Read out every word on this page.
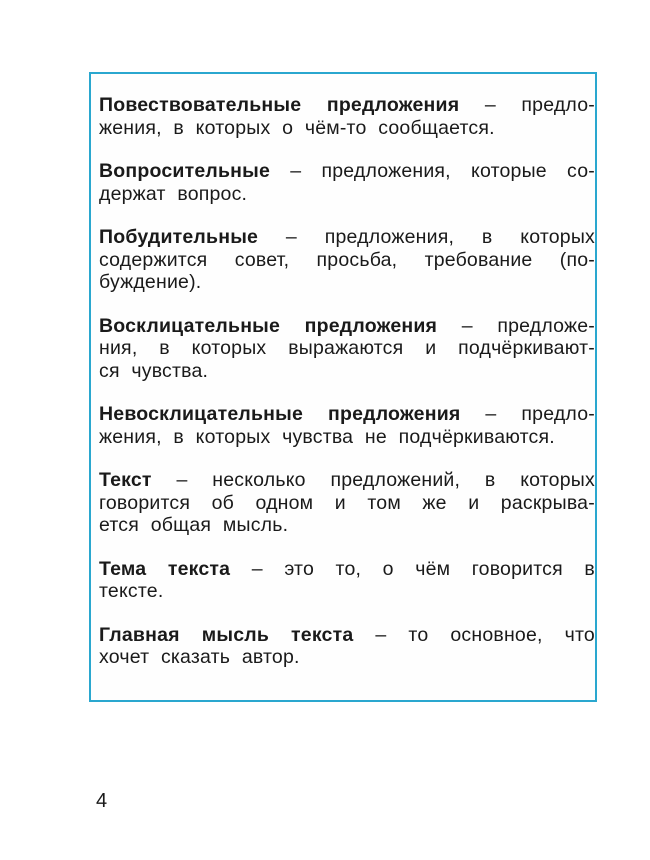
Повествовательные предложения – предло-
жения, в которых о чём-то сообщается.
Вопросительные – предложения, которые со-
держат вопрос.
Побудительные – предложения, в которых
содержится совет, просьба, требование (по-
буждение).
Восклицательные предложения – предложе-
ния, в которых выражаются и подчёркивают-
ся чувства.
Невосклицательные предложения – предло-
жения, в которых чувства не подчёркиваются.
Текст – несколько предложений, в которых
говорится об одном и том же и раскрыва-
ется общая мысль.
Тема текста – это то, о чём говорится в
тексте.
Главная мысль текста – то основное, что
хочет сказать автор.
4
